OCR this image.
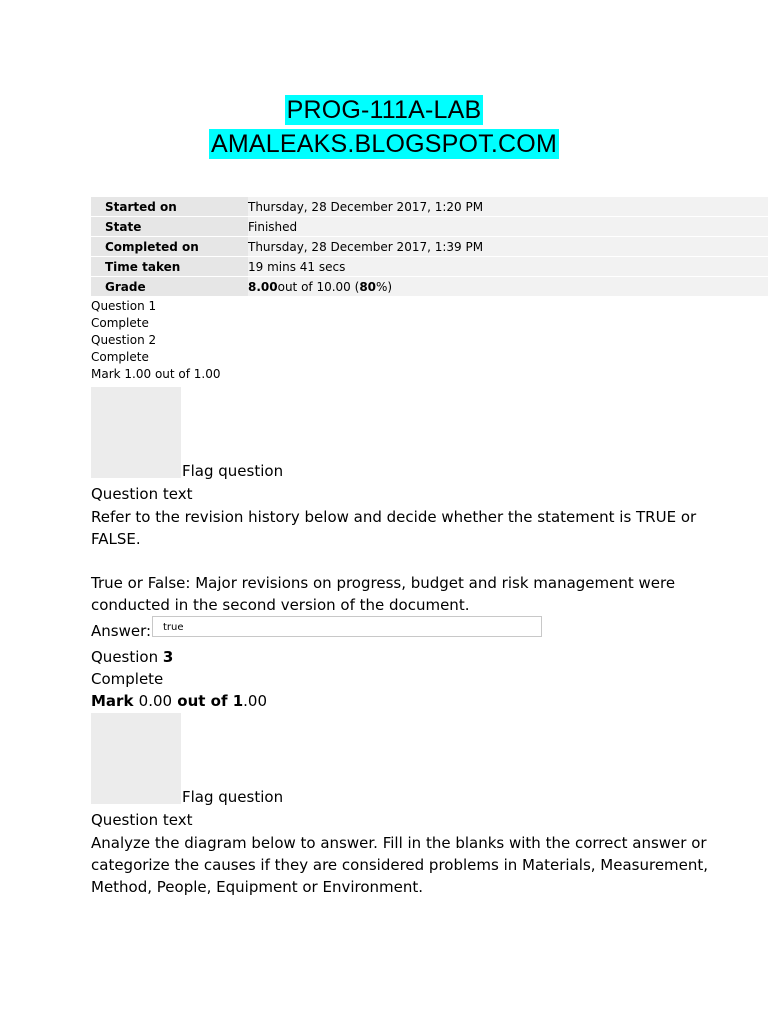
PROG-111A-LAB
AMALEAKS.BLOGSPOT.COM
Started on	Thursday, 28 December 2017, 1:20 PM
State	Finished
Completed on	Thursday, 28 December 2017, 1:39 PM
Time taken	19 mins 41 secs
Grade	8.00out of 10.00 (80%)
Question 1
Complete
Question 2
Complete
Mark 1.00 out of 1.00
Flag question
Question text
Refer to the revision history below and decide whether the statement is TRUE or FALSE.
True or False: Major revisions on progress, budget and risk management were conducted in the second version of the document.
Answer:
true
Question 3
Complete
Mark 0.00 out of 1.00
Flag question
Question text
Analyze the diagram below to answer. Fill in the blanks with the correct answer or categorize the causes if they are considered problems in Materials, Measurement, Method, People, Equipment or Environment.
